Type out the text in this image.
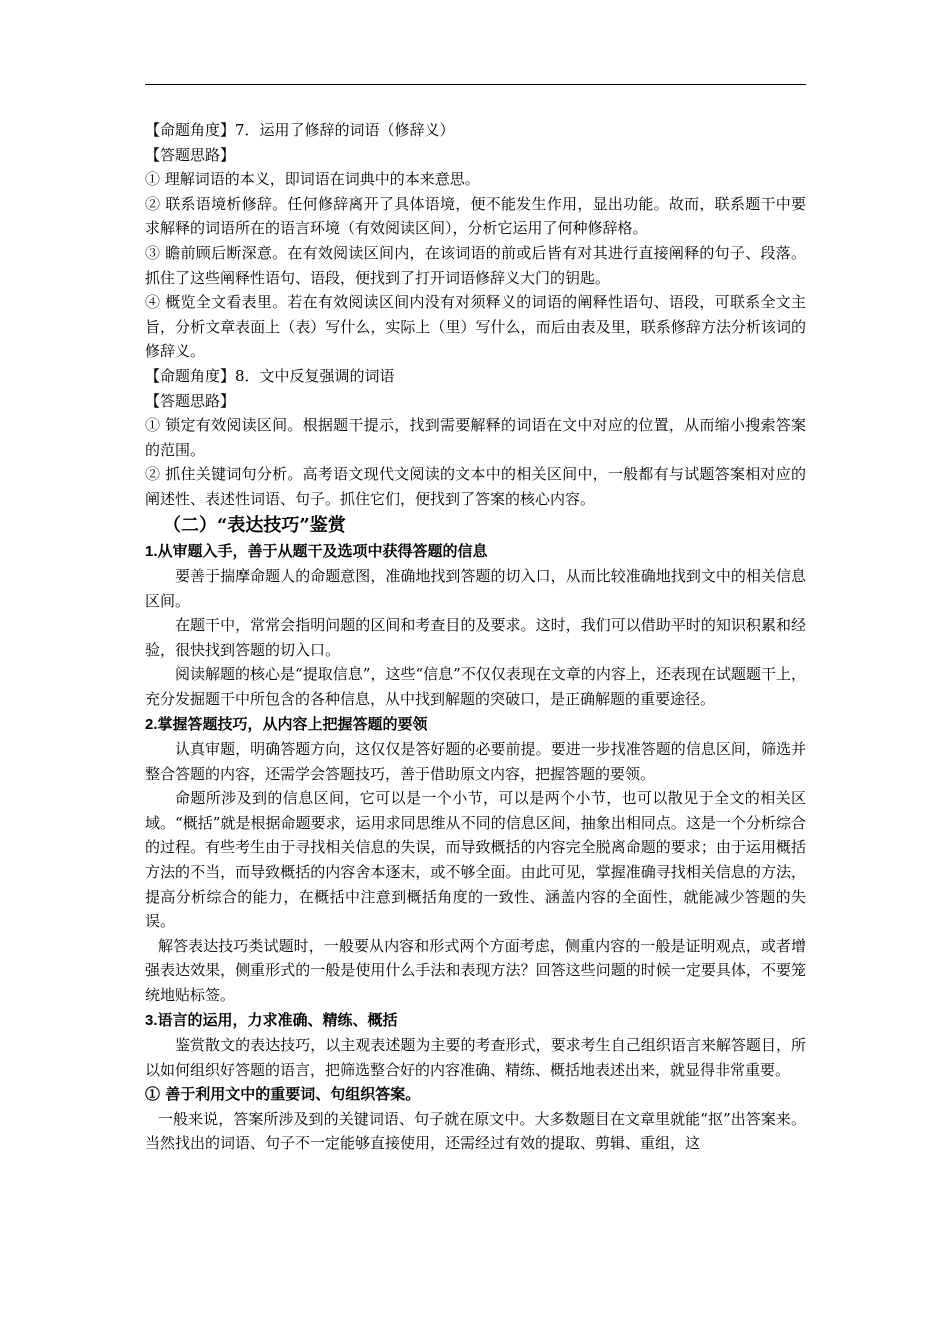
【命题角度】7．运用了修辞的词语（修辞义）

【答题思路】

① 理解词语的本义，即词语在词典中的本来意思。

② 联系语境析修辞。任何修辞离开了具体语境，便不能发生作用，显出功能。故而，联系题干中要求解释的词语所在的语言环境（有效阅读区间），分析它运用了何种修辞格。

③ 瞻前顾后断深意。在有效阅读区间内，在该词语的前或后皆有对其进行直接阐释的句子、段落。抓住了这些阐释性语句、语段，便找到了打开词语修辞义大门的钥匙。

④ 概览全文看表里。若在有效阅读区间内没有对须释义的词语的阐释性语句、语段，可联系全文主旨，分析文章表面上（表）写什么，实际上（里）写什么，而后由表及里，联系修辞方法分析该词的修辞义。

【命题角度】8．文中反复强调的词语

【答题思路】

① 锁定有效阅读区间。根据题干提示，找到需要解释的词语在文中对应的位置，从而缩小搜索答案的范围。

② 抓住关键词句分析。高考语文现代文阅读的文本中的相关区间中，一般都有与试题答案相对应的阐述性、表述性词语、句子。抓住它们，便找到了答案的核心内容。

（二）“表达技巧”鉴赏

1.从审题入手，善于从题干及选项中获得答题的信息

要善于揣摩命题人的命题意图，准确地找到答题的切入口，从而比较准确地找到文中的相关信息区间。

在题干中，常常会指明问题的区间和考查目的及要求。这时，我们可以借助平时的知识积累和经验，很快找到答题的切入口。

阅读解题的核心是“提取信息”，这些“信息”不仅仅表现在文章的内容上，还表现在试题题干上，充分发掘题干中所包含的各种信息，从中找到解题的突破口，是正确解题的重要途径。

2.掌握答题技巧，从内容上把握答题的要领

认真审题，明确答题方向，这仅仅是答好题的必要前提。要进一步找准答题的信息区间，筛选并整合答题的内容，还需学会答题技巧，善于借助原文内容，把握答题的要领。

命题所涉及到的信息区间，它可以是一个小节，可以是两个小节，也可以散见于全文的相关区域。“概括”就是根据命题要求，运用求同思维从不同的信息区间，抽象出相同点。这是一个分析综合的过程。有些考生由于寻找相关信息的失误，而导致概括的内容完全脱离命题的要求；由于运用概括方法的不当，而导致概括的内容舍本逐末，或不够全面。由此可见，掌握准确寻找相关信息的方法，提高分析综合的能力，在概括中注意到概括角度的一致性、涵盖内容的全面性，就能减少答题的失误。

解答表达技巧类试题时，一般要从内容和形式两个方面考虑，侧重内容的一般是证明观点，或者增强表达效果，侧重形式的一般是使用什么手法和表现方法？回答这些问题的时候一定要具体，不要笼统地贴标签。

3.语言的运用，力求准确、精练、概括

鉴赏散文的表达技巧，以主观表述题为主要的考查形式，要求考生自己组织语言来解答题目，所以如何组织好答题的语言，把筛选整合好的内容准确、精练、概括地表述出来，就显得非常重要。

① 善于利用文中的重要词、句组织答案。

一般来说，答案所涉及到的关键词语、句子就在原文中。大多数题目在文章里就能“抠”出答案来。当然找出的词语、句子不一定能够直接使用，还需经过有效的提取、剪辑、重组，这
